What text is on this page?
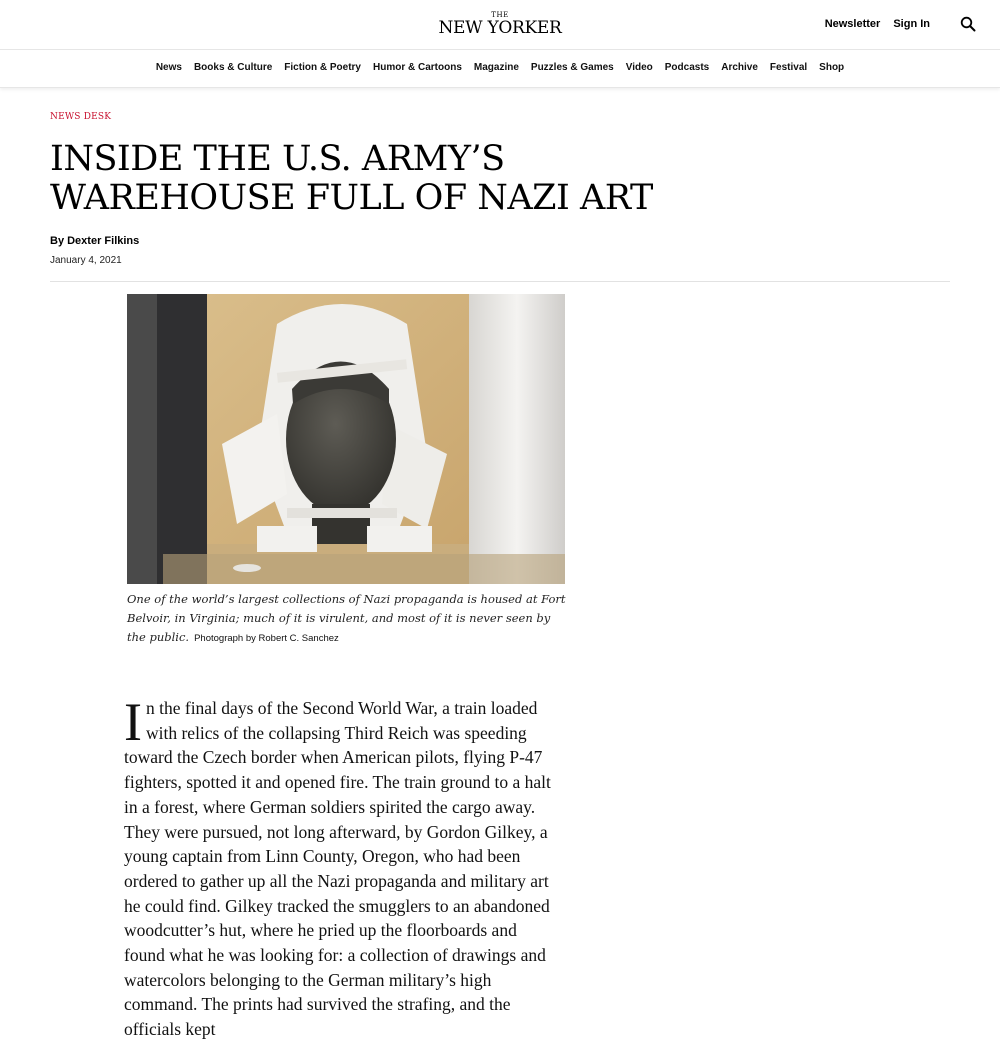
THE
NEW YORKER	Newsletter Sign In
News Books & Culture Fiction & Poetry Humor & Cartoons Magazine Puzzles & Games Video Podcasts Archive Festival Shop
NEWS DESK
INSIDE THE U.S. ARMY’S WAREHOUSE FULL OF NAZI ART
By Dexter Filkins
January 4, 2021
One of the world’s largest collections of Nazi propaganda is housed at Fort Belvoir, in Virginia; much of it is virulent, and most of it is never seen by the public. Photograph by Robert C. Sanchez
In the final days of the Second World War, a train loaded with relics of the collapsing Third Reich was speeding toward the Czech border when American pilots, flying P-47 fighters, spotted it and opened fire. The train ground to a halt in a forest, where German soldiers spirited the cargo away. They were pursued, not long afterward, by Gordon Gilkey, a young captain from Linn County, Oregon, who had been ordered to gather up all the Nazi propaganda and military art he could find. Gilkey tracked the smugglers to an abandoned woodcutter’s hut, where he pried up the floorboards and found what he was looking for: a collection of drawings and watercolors belonging to the German military’s high command. The prints had survived the strafing, and the officials kept
